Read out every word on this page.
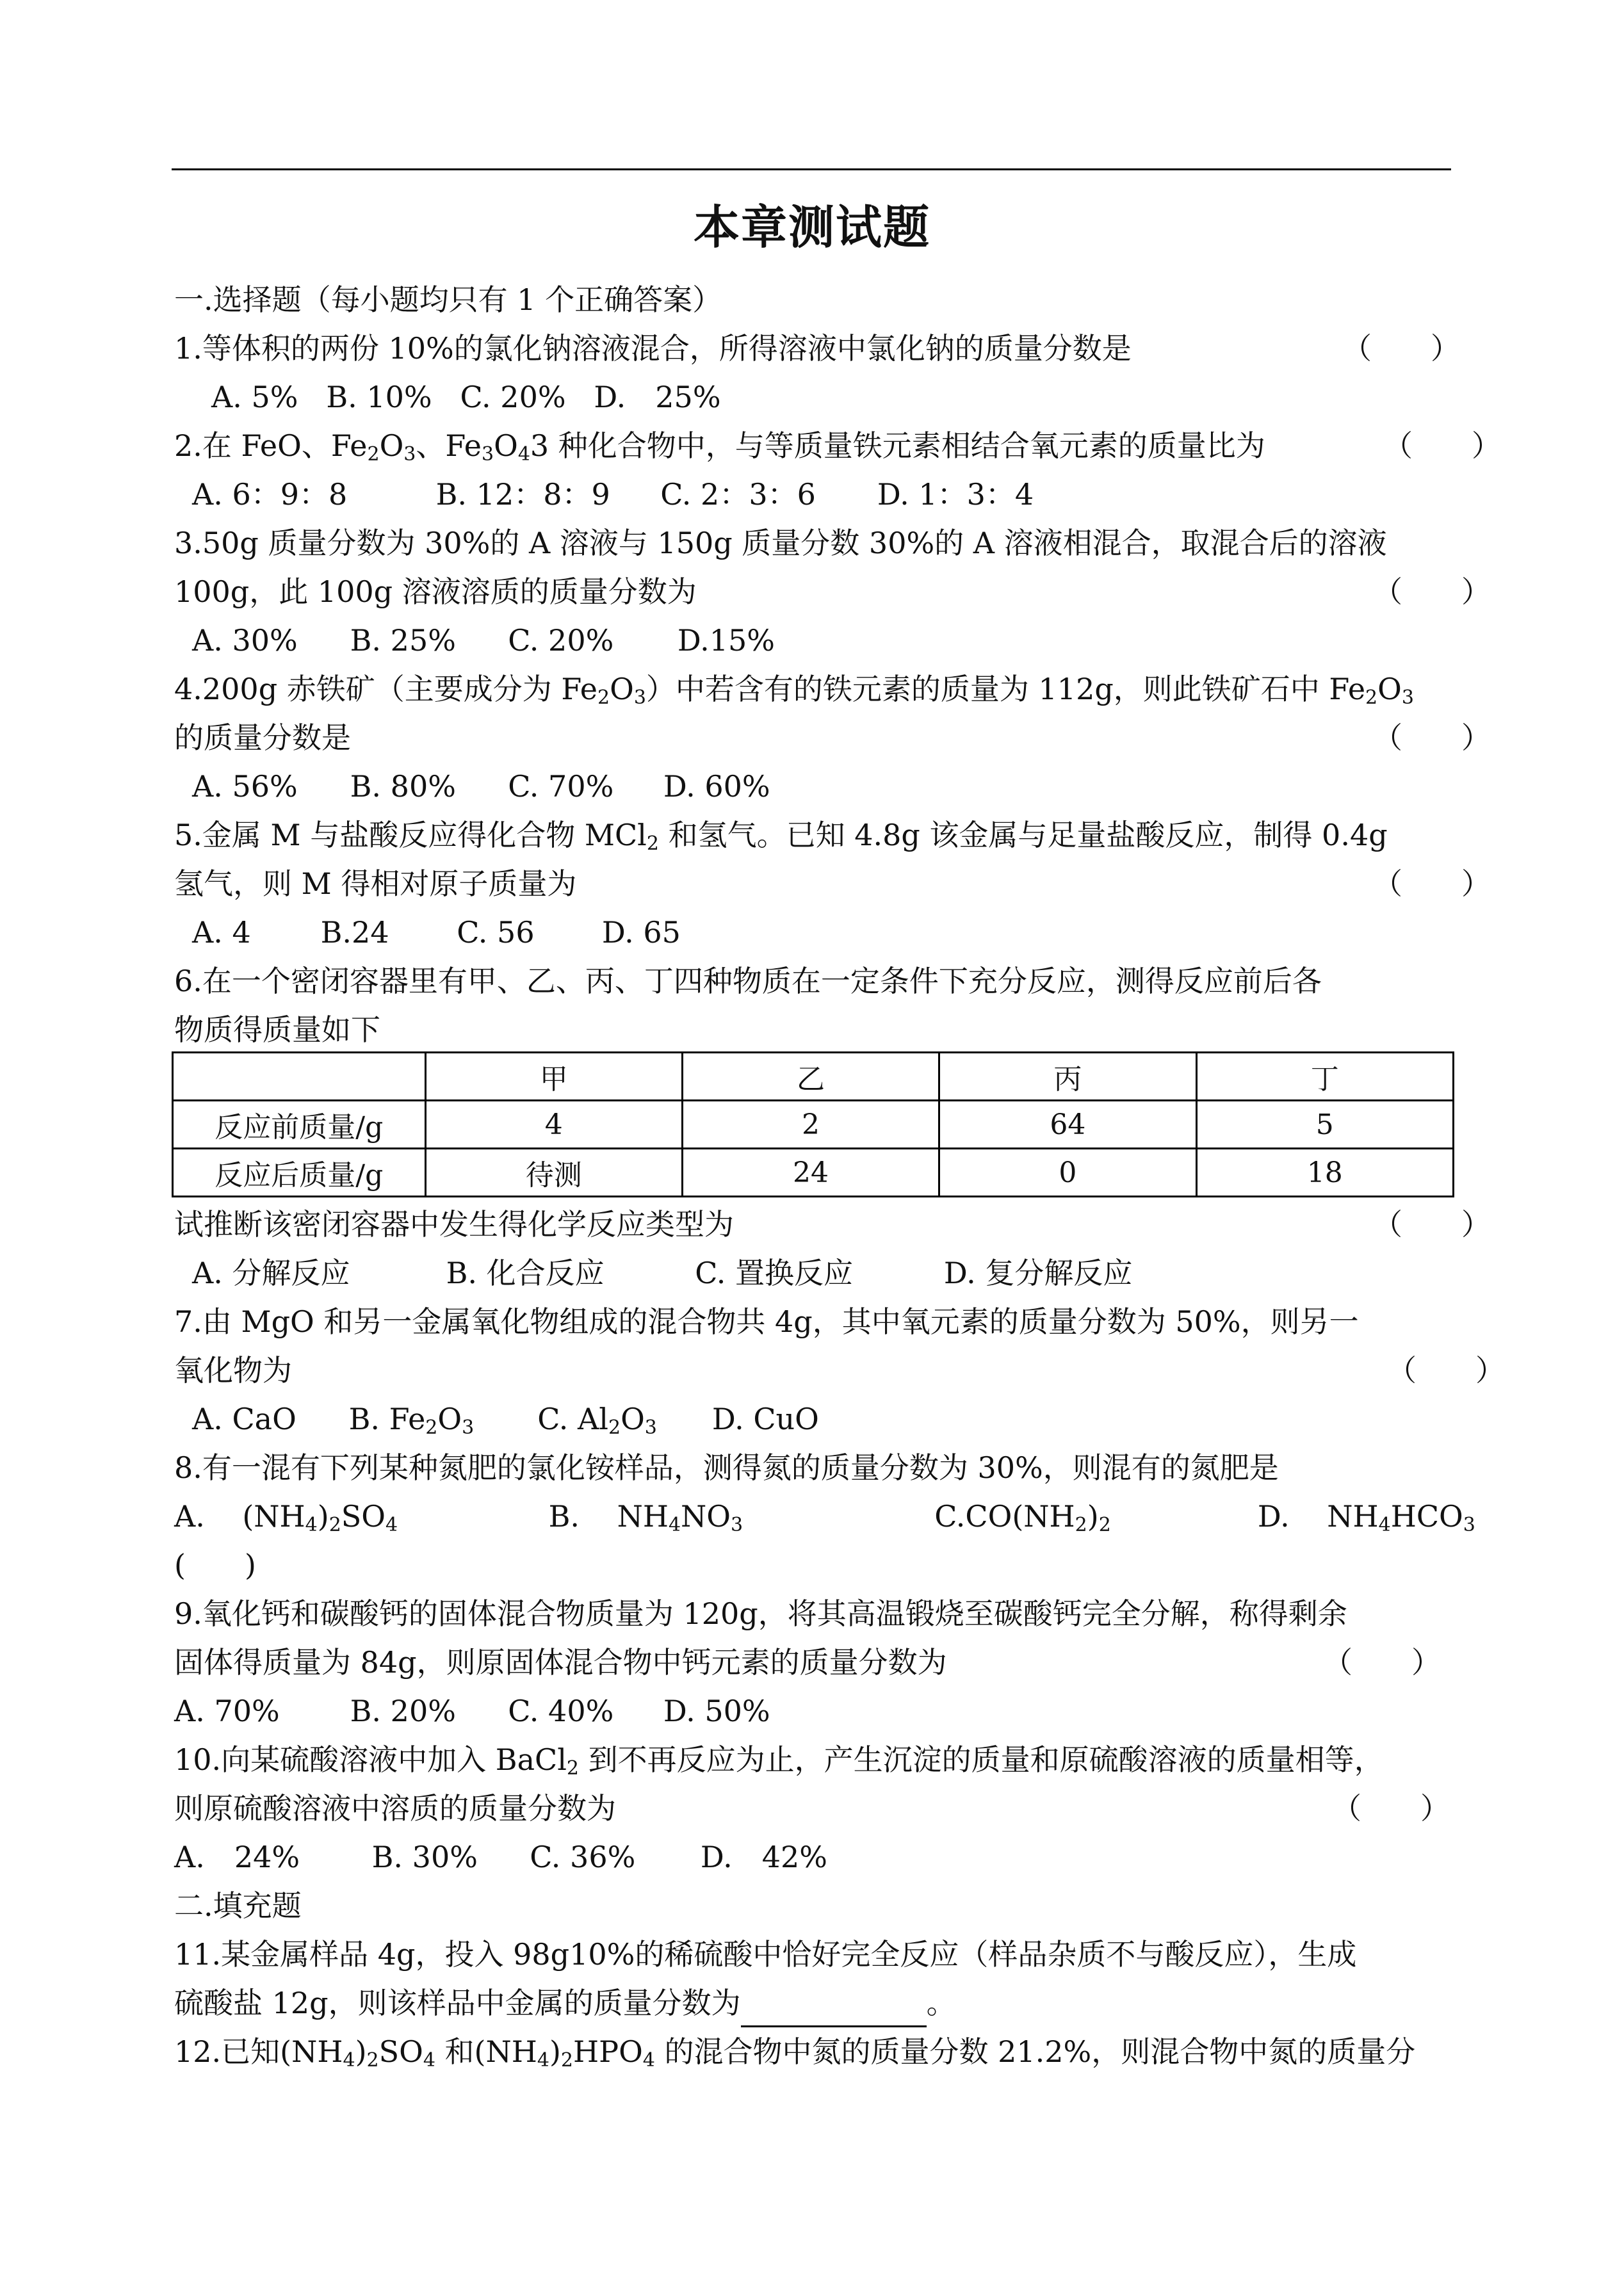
本章测试题
一.选择题（每小题均只有 1 个正确答案）
1.等体积的两份 10%的氯化钠溶液混合，所得溶液中氯化钠的质量分数是	（　　）
A. 5% B. 10% C. 20% D.　25%
2.在 FeO、$Fe_2O_3$、$Fe_3O_43$ 种化合物中，与等质量铁元素相结合氧元素的质量比为	（　　）
A. 6：9：8	B. 12：8：9 C. 2：3：6 D. 1：3：4
3.50g 质量分数为 30%的 A 溶液与 150g 质量分数 30%的 A 溶液相混合，取混合后的溶液
100g，此 100g 溶液溶质的质量分数为	（　　）
A. 30% B. 25% C. 20% D.15%
4.200g 赤铁矿（主要成分为 $Fe_2O_3$）中若含有的铁元素的质量为 112g，则此铁矿石中 $Fe_2O_3$
的质量分数是	（　　）
A. 56% B. 80% C. 70% D. 60%
5.金属 M 与盐酸反应得化合物 MCl$_2$ 和氢气。已知 4.8g 该金属与足量盐酸反应，制得 0.4g
氢气，则 M 得相对原子质量为	（　　）
A. 4 B.24 C. 56 D. 65
6.在一个密闭容器里有甲、乙、丙、丁四种物质在一定条件下充分反应，测得反应前后各
物质得质量如下
	甲	乙	丙	丁
反应前质量/g	4	2	64	5
反应后质量/g	待测	24	0	18
试推断该密闭容器中发生得化学反应类型为	（　　）
A. 分解反应	B. 化合反应	C. 置换反应	D. 复分解反应
7.由 MgO 和另一金属氧化物组成的混合物共 4g，其中氧元素的质量分数为 50%，则另一
氧化物为	（　　）
A. CaO B. $Fe_2O_3$ C. $Al_2O_3$ D. CuO
8.有一混有下列某种氮肥的氯化铵样品，测得氮的质量分数为 30%，则混有的氮肥是
A. $(NH_4)_2SO_4$	B. $NH_4NO_3$	$C.CO(NH_2)_2$	D. $NH_4HCO_3$
(　　)
9.氧化钙和碳酸钙的固体混合物质量为 120g，将其高温锻烧至碳酸钙完全分解，称得剩余
固体得质量为 84g，则原固体混合物中钙元素的质量分数为	（　　）
A. 70% B. 20% C. 40% D. 50%
10.向某硫酸溶液中加入 BaCl$_2$ 到不再反应为止，产生沉淀的质量和原硫酸溶液的质量相等，
则原硫酸溶液中溶质的质量分数为	（　　）
A.　24% B. 30% C. 36% D.　42%
二.填充题
11.某金属样品 4g，投入 98g10%的稀硫酸中恰好完全反应（样品杂质不与酸反应），生成
硫酸盐 12g，则该样品中金属的质量分数为	。
12.已知$(NH_4)_2SO_4$ 和$(NH_4)_2HPO_4$ 的混合物中氮的质量分数 21.2%，则混合物中氮的质量分
